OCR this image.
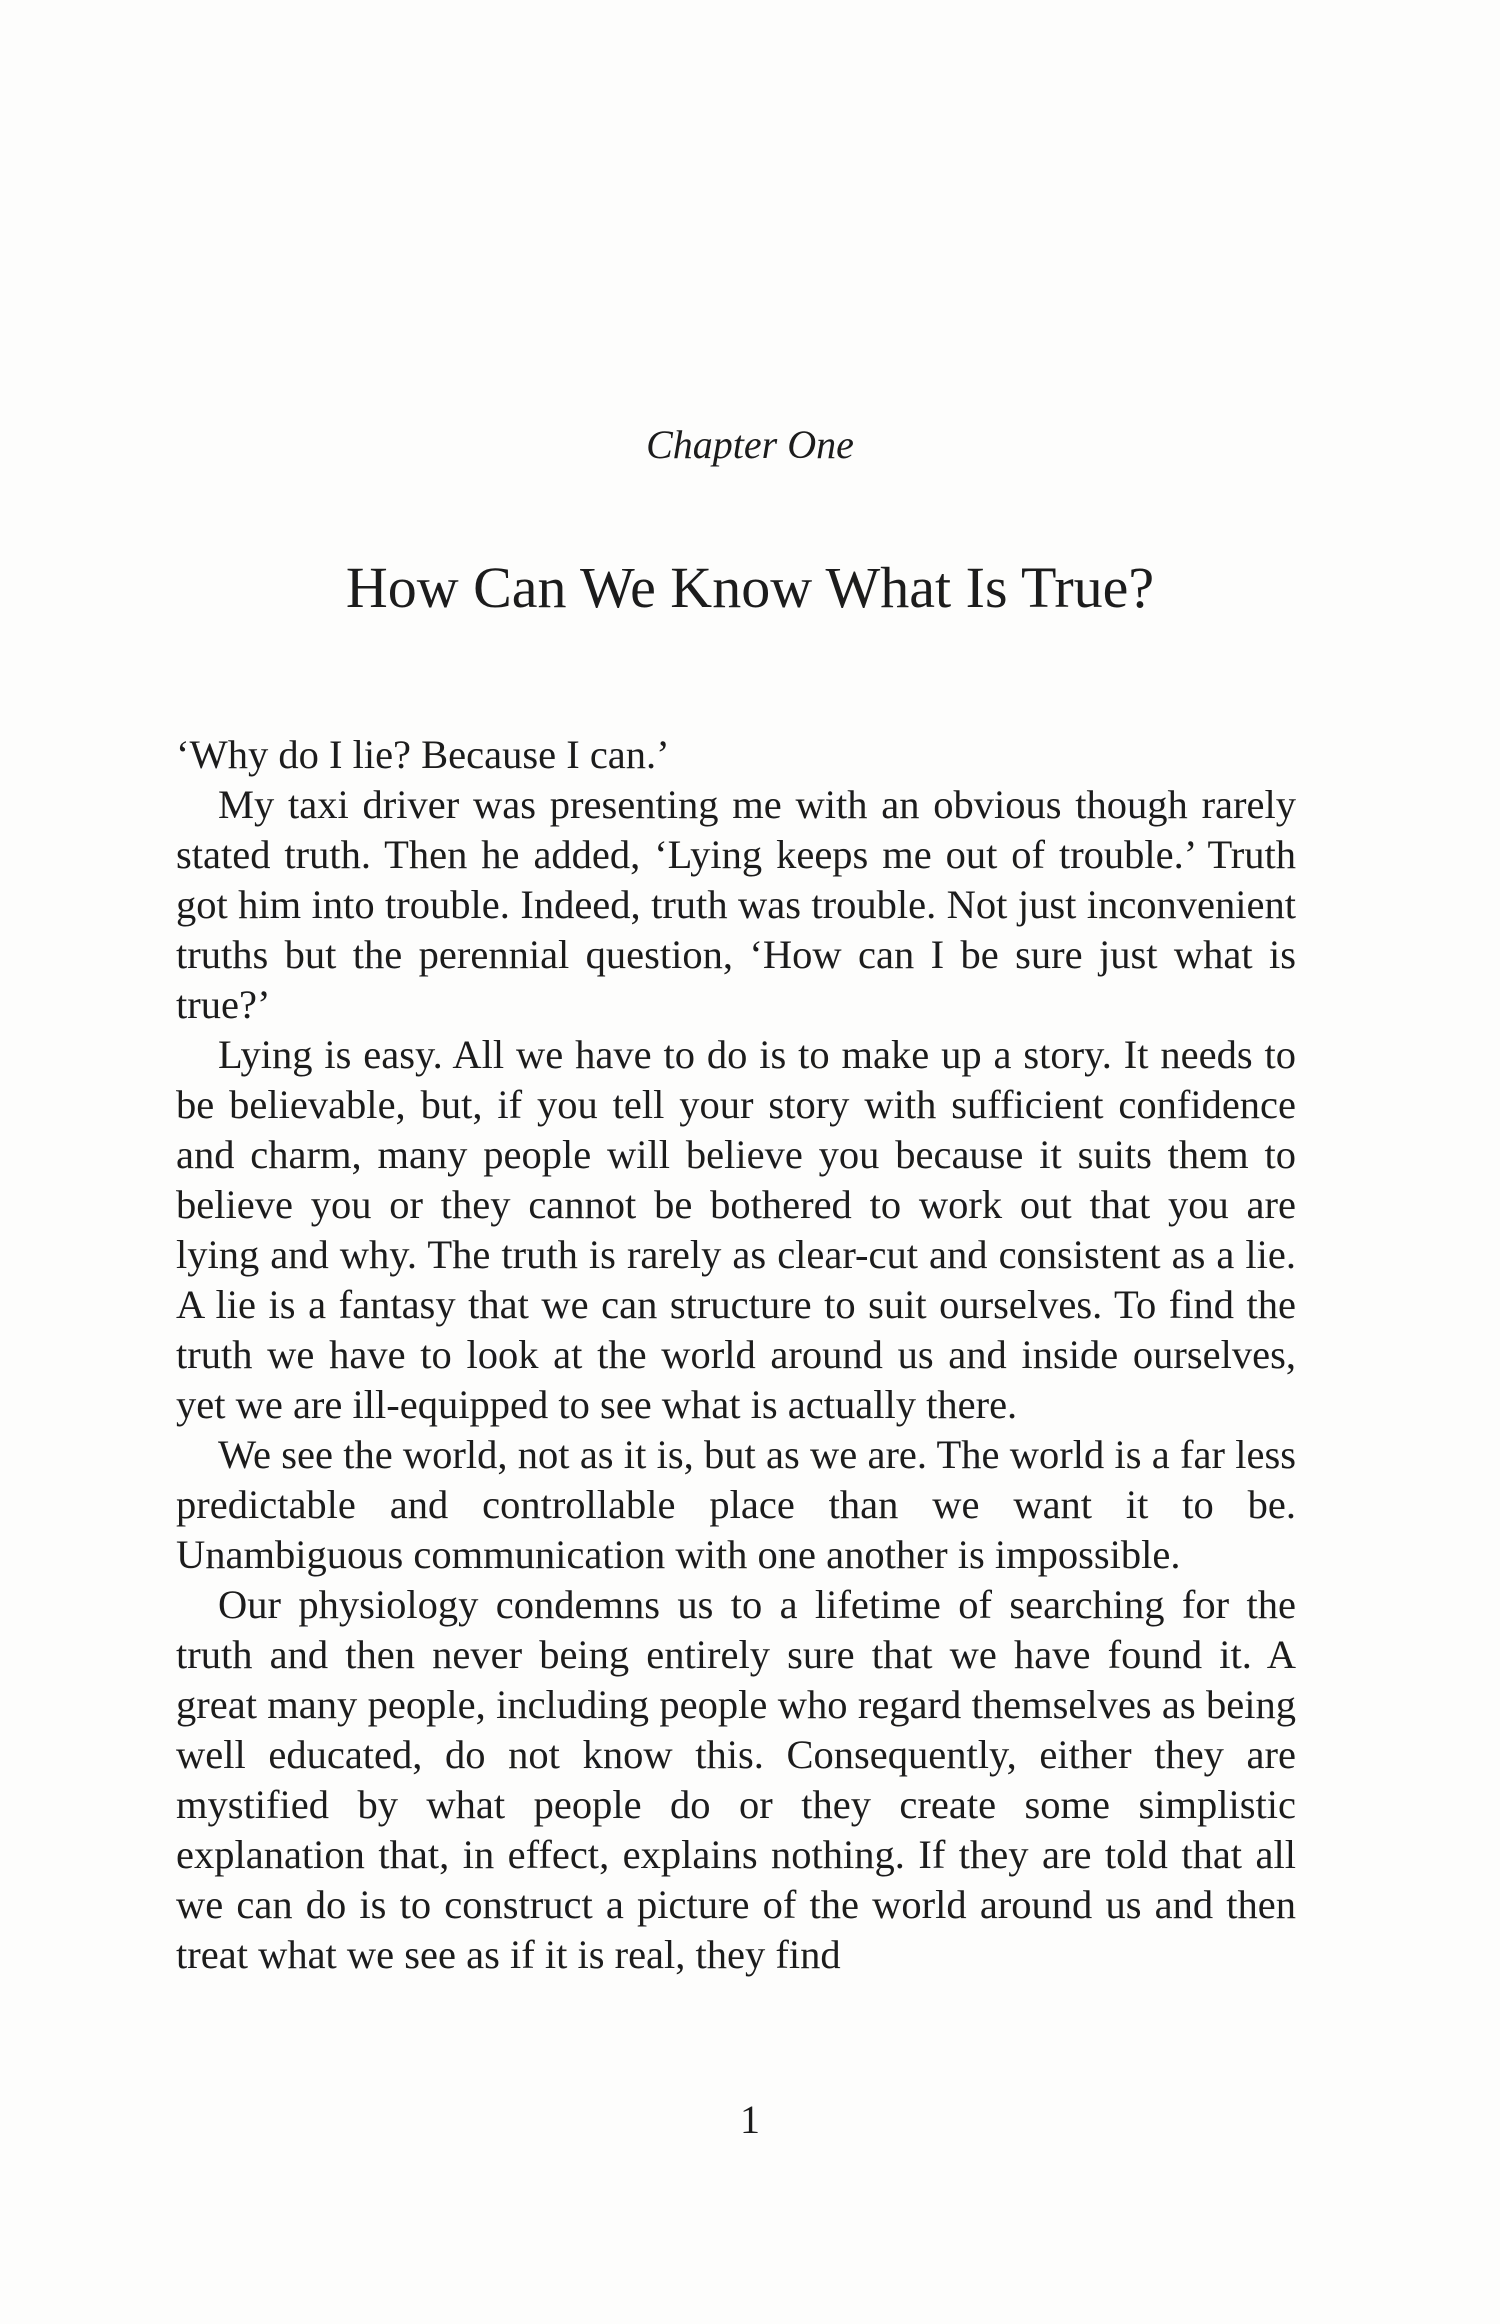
Chapter One
How Can We Know What Is True?

‘Why do I lie? Because I can.’

My taxi driver was presenting me with an obvious though rarely stated truth. Then he added, ‘Lying keeps me out of trouble.’ Truth got him into trouble. Indeed, truth was trouble. Not just inconvenient truths but the perennial question, ‘How can I be sure just what is true?’

Lying is easy. All we have to do is to make up a story. It needs to be believable, but, if you tell your story with sufficient confidence and charm, many people will believe you because it suits them to believe you or they cannot be bothered to work out that you are lying and why. The truth is rarely as clear-cut and consistent as a lie. A lie is a fantasy that we can structure to suit ourselves. To find the truth we have to look at the world around us and inside ourselves, yet we are ill-equipped to see what is actually there.

We see the world, not as it is, but as we are. The world is a far less predictable and controllable place than we want it to be. Unambiguous communication with one another is impossible.

Our physiology condemns us to a lifetime of searching for the truth and then never being entirely sure that we have found it. A great many people, including people who regard themselves as being well educated, do not know this. Consequently, either they are mystified by what people do or they create some simplistic explanation that, in effect, explains nothing. If they are told that all we can do is to construct a picture of the world around us and then treat what we see as if it is real, they find

1
